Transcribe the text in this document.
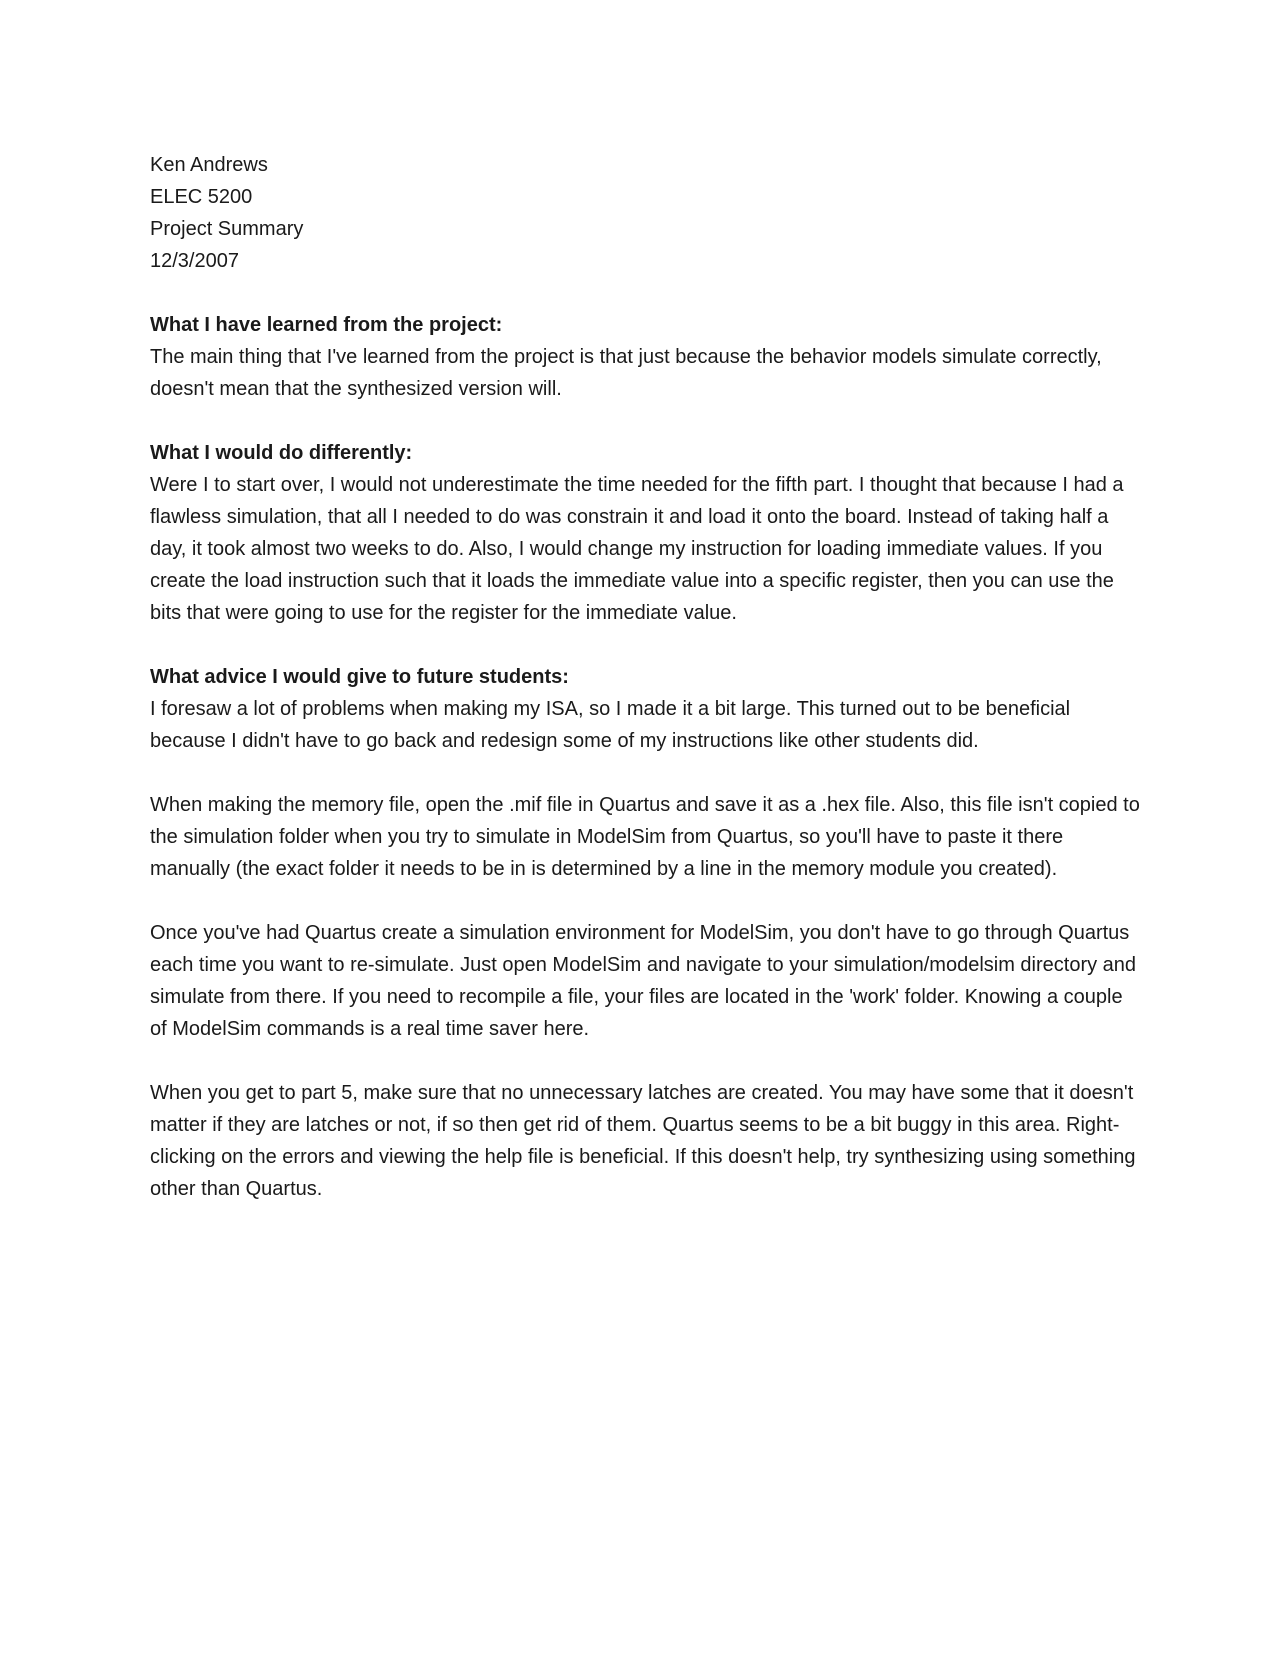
Ken Andrews

ELEC 5200

Project Summary

12/3/2007

What I have learned from the project:

The main thing that I've learned from the project is that just because the behavior models simulate correctly, doesn't mean that the synthesized version will.

What I would do differently:

Were I to start over, I would not underestimate the time needed for the fifth part. I thought that because I had a flawless simulation, that all I needed to do was constrain it and load it onto the board. Instead of taking half a day, it took almost two weeks to do. Also, I would change my instruction for loading immediate values. If you create the load instruction such that it loads the immediate value into a specific register, then you can use the bits that were going to use for the register for the immediate value.

What advice I would give to future students:

I foresaw a lot of problems when making my ISA, so I made it a bit large. This turned out to be beneficial because I didn't have to go back and redesign some of my instructions like other students did.

When making the memory file, open the .mif file in Quartus and save it as a .hex file. Also, this file isn't copied to the simulation folder when you try to simulate in ModelSim from Quartus, so you'll have to paste it there manually (the exact folder it needs to be in is determined by a line in the memory module you created).

Once you've had Quartus create a simulation environment for ModelSim, you don't have to go through Quartus each time you want to re-simulate. Just open ModelSim and navigate to your simulation/modelsim directory and simulate from there. If you need to recompile a file, your files are located in the 'work' folder. Knowing a couple of ModelSim commands is a real time saver here.

When you get to part 5, make sure that no unnecessary latches are created. You may have some that it doesn't matter if they are latches or not, if so then get rid of them. Quartus seems to be a bit buggy in this area. Right-clicking on the errors and viewing the help file is beneficial. If this doesn't help, try synthesizing using something other than Quartus.
